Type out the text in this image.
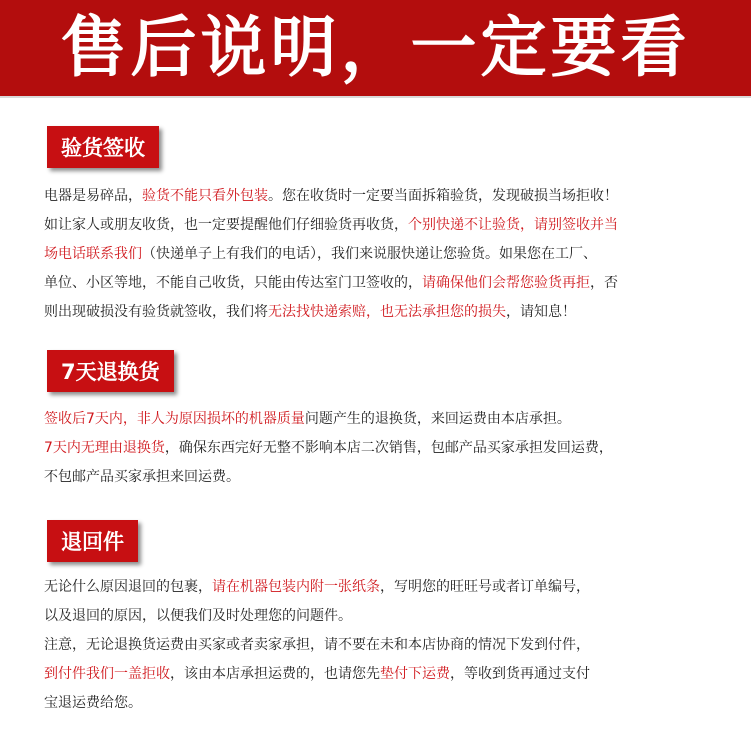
售后说明，一定要看
验货签收
电器是易碎品，验货不能只看外包装。您在收货时一定要当面拆箱验货，发现破损当场拒收！
如让家人或朋友收货，也一定要提醒他们仔细验货再收货，个别快递不让验货，请别签收并当
场电话联系我们（快递单子上有我们的电话），我们来说服快递让您验货。如果您在工厂、
单位、小区等地，不能自己收货，只能由传达室门卫签收的，请确保他们会帮您验货再拒，否
则出现破损没有验货就签收，我们将无法找快递索赔，也无法承担您的损失，请知息！
7天退换货
签收后7天内，非人为原因损坏的机器质量问题产生的退换货，来回运费由本店承担。
7天内无理由退换货，确保东西完好无整不影响本店二次销售，包邮产品买家承担发回运费，
不包邮产品买家承担来回运费。
退回件
无论什么原因退回的包裹，请在机器包装内附一张纸条，写明您的旺旺号或者订单编号，
以及退回的原因，以便我们及时处理您的问题件。
注意，无论退换货运费由买家或者卖家承担，请不要在未和本店协商的情况下发到付件，
到付件我们一盖拒收，该由本店承担运费的，也请您先垫付下运费，等收到货再通过支付
宝退运费给您。
